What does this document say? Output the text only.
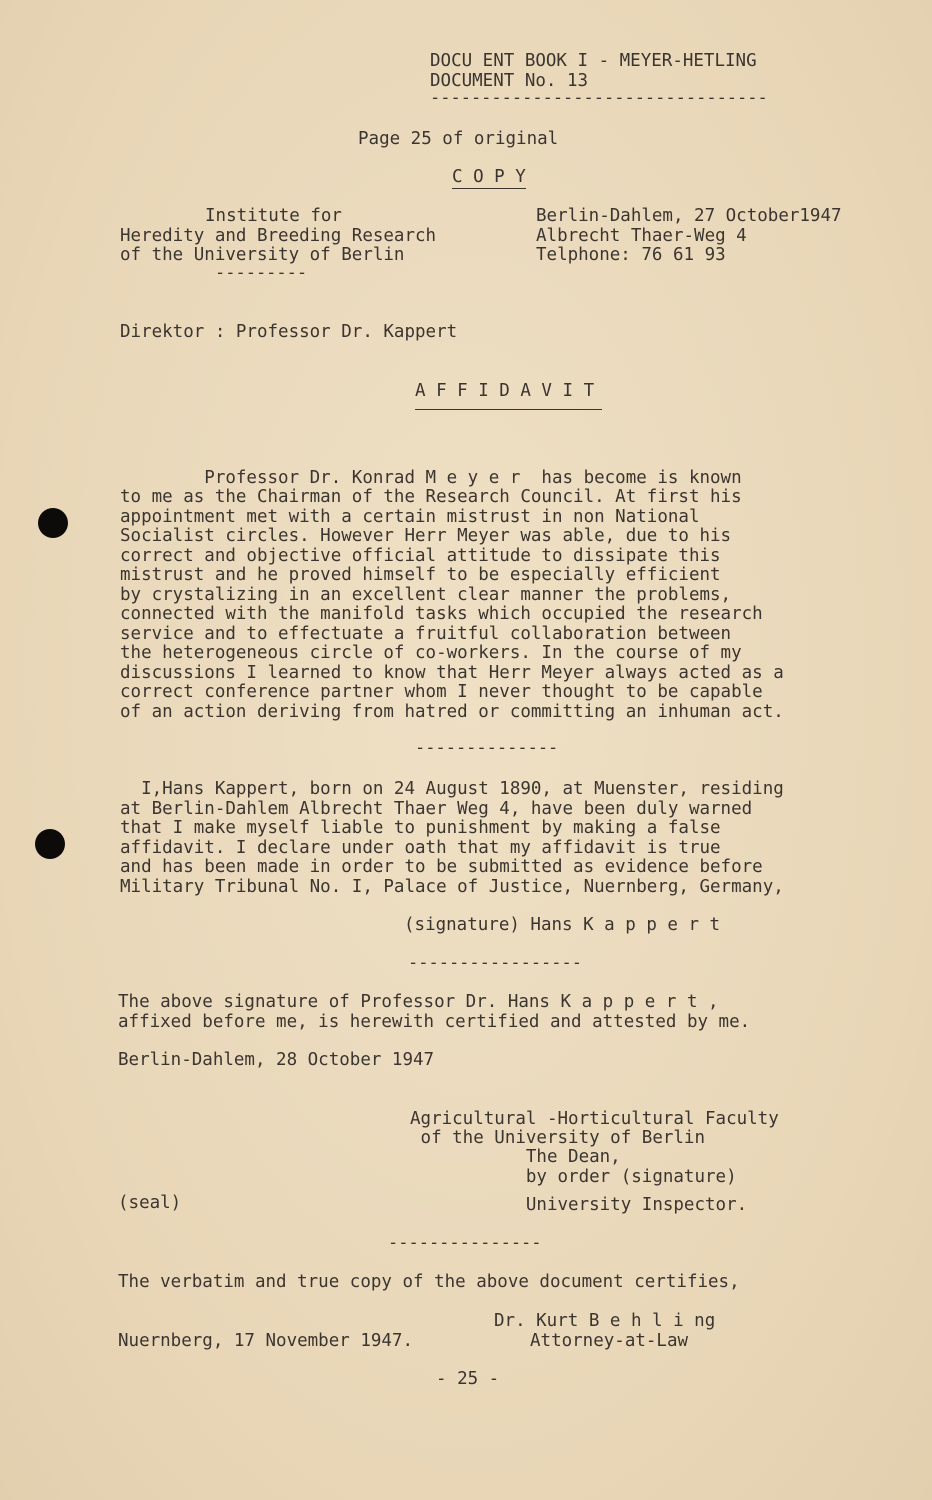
DOCU ENT BOOK I - MEYER-HETLING
DOCUMENT No. 13
---------------------------------
Page 25 of original
C O P Y
Institute for
Heredity and Breeding Research
of the University of Berlin
---------
Berlin-Dahlem, 27 October1947
Albrecht Thaer-Weg 4
Telphone: 76 61 93
Direktor : Professor Dr. Kappert
A F F I D A V I T
Professor Dr. Konrad M e y e r  has become is known
to me as the Chairman of the Research Council. At first his
appointment met with a certain mistrust in non National
Socialist circles. However Herr Meyer was able, due to his
correct and objective official attitude to dissipate this
mistrust and he proved himself to be especially efficient
by crystalizing in an excellent clear manner the problems,
connected with the manifold tasks which occupied the research
service and to effectuate a fruitful collaboration between
the heterogeneous circle of co-workers. In the course of my
discussions I learned to know that Herr Meyer always acted as a
correct conference partner whom I never thought to be capable
of an action deriving from hatred or committing an inhuman act.
--------------
I,Hans Kappert, born on 24 August 1890, at Muenster, residing
at Berlin-Dahlem Albrecht Thaer Weg 4, have been duly warned
that I make myself liable to punishment by making a false
affidavit. I declare under oath that my affidavit is true
and has been made in order to be submitted as evidence before
Military Tribunal No. I, Palace of Justice, Nuernberg, Germany,
(signature) Hans K a p p e r t
-----------------
The above signature of Professor Dr. Hans K a p p e r t ,
affixed before me, is herewith certified and attested by me.
Berlin-Dahlem, 28 October 1947
Agricultural -Horticultural Faculty
of the University of Berlin
The Dean,
by order (signature)
University Inspector.
(seal)
---------------
The verbatim and true copy of the above document certifies,
Dr. Kurt B e h l i ng
Nuernberg, 17 November 1947.	Attorney-at-Law
- 25 -
